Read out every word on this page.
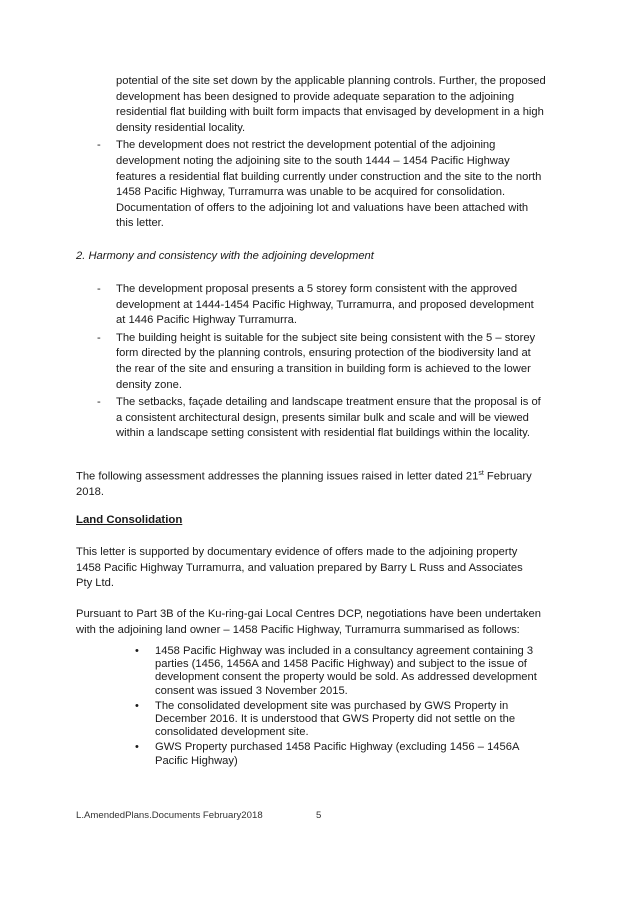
potential of the site set down by the applicable planning controls. Further, the proposed
development has been designed to provide adequate separation to the adjoining
residential flat building with built form impacts that envisaged by development in a high
density residential locality.
- The development does not restrict the development potential of the adjoining
development noting the adjoining site to the south 1444 – 1454 Pacific Highway
features a residential flat building currently under construction and the site to the north
1458 Pacific Highway, Turramurra was unable to be acquired for consolidation.
Documentation of offers to the adjoining lot and valuations have been attached with
this letter.
2. Harmony and consistency with the adjoining development
- The development proposal presents a 5 storey form consistent with the approved
development at 1444-1454 Pacific Highway, Turramurra, and proposed development
at 1446 Pacific Highway Turramurra.
- The building height is suitable for the subject site being consistent with the 5 – storey
form directed by the planning controls, ensuring protection of the biodiversity land at
the rear of the site and ensuring a transition in building form is achieved to the lower
density zone.
- The setbacks, façade detailing and landscape treatment ensure that the proposal is of
a consistent architectural design, presents similar bulk and scale and will be viewed
within a landscape setting consistent with residential flat buildings within the locality.
The following assessment addresses the planning issues raised in letter dated 21st February
2018.
Land Consolidation
This letter is supported by documentary evidence of offers made to the adjoining property
1458 Pacific Highway Turramurra, and valuation prepared by Barry L Russ and Associates
Pty Ltd.
Pursuant to Part 3B of the Ku-ring-gai Local Centres DCP, negotiations have been undertaken
with the adjoining land owner – 1458 Pacific Highway, Turramurra summarised as follows:
• 1458 Pacific Highway was included in a consultancy agreement containing 3
parties (1456, 1456A and 1458 Pacific Highway) and subject to the issue of
development consent the property would be sold. As addressed development
consent was issued 3 November 2015.
• The consolidated development site was purchased by GWS Property in
December 2016. It is understood that GWS Property did not settle on the
consolidated development site.
• GWS Property purchased 1458 Pacific Highway (excluding 1456 – 1456A
Pacific Highway)
L.AmendedPlans.Documents February2018	5
